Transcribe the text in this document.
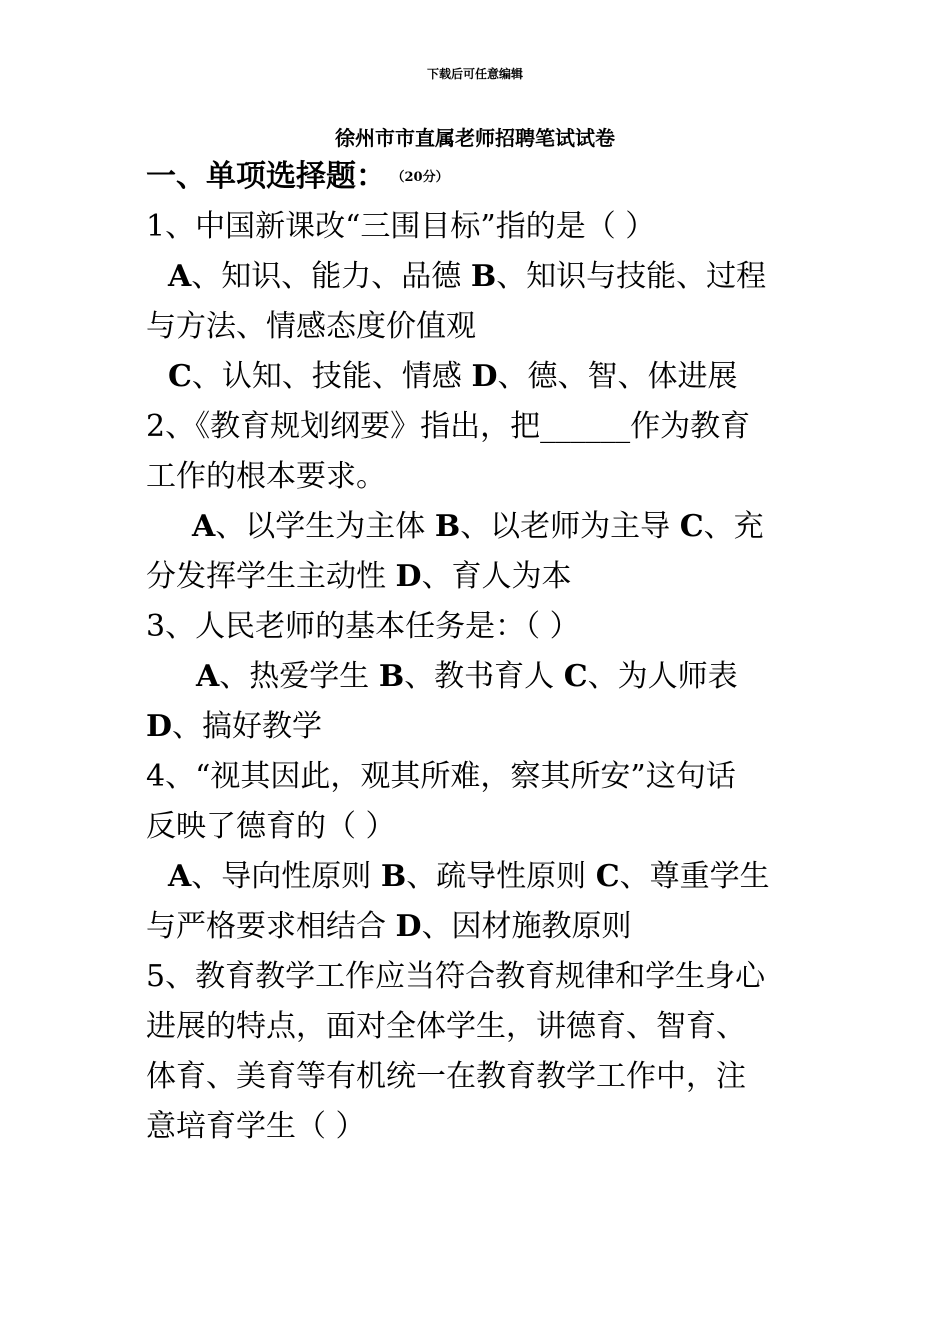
下载后可任意编辑
徐州市市直属老师招聘笔试试卷
一、单项选择题： （20分）
1、中国新课改“三围目标”指的是（ ）
A、知识、能力、品德 B、知识与技能、过程
与方法、情感态度价值观
C、认知、技能、情感 D、德、智、体进展
2、《教育规划纲要》指出，把______作为教育
工作的根本要求。
A、以学生为主体 B、以老师为主导 C、充
分发挥学生主动性 D、育人为本
3、人民老师的基本任务是：（ ）
A、热爱学生 B、教书育人 C、为人师表
D、搞好教学
4、“视其因此，观其所难，察其所安”这句话
反映了德育的（ ）
A、导向性原则 B、疏导性原则 C、尊重学生
与严格要求相结合 D、因材施教原则
5、教育教学工作应当符合教育规律和学生身心
进展的特点，面对全体学生，讲德育、智育、
体育、美育等有机统一在教育教学工作中，注
意培育学生（ ）
